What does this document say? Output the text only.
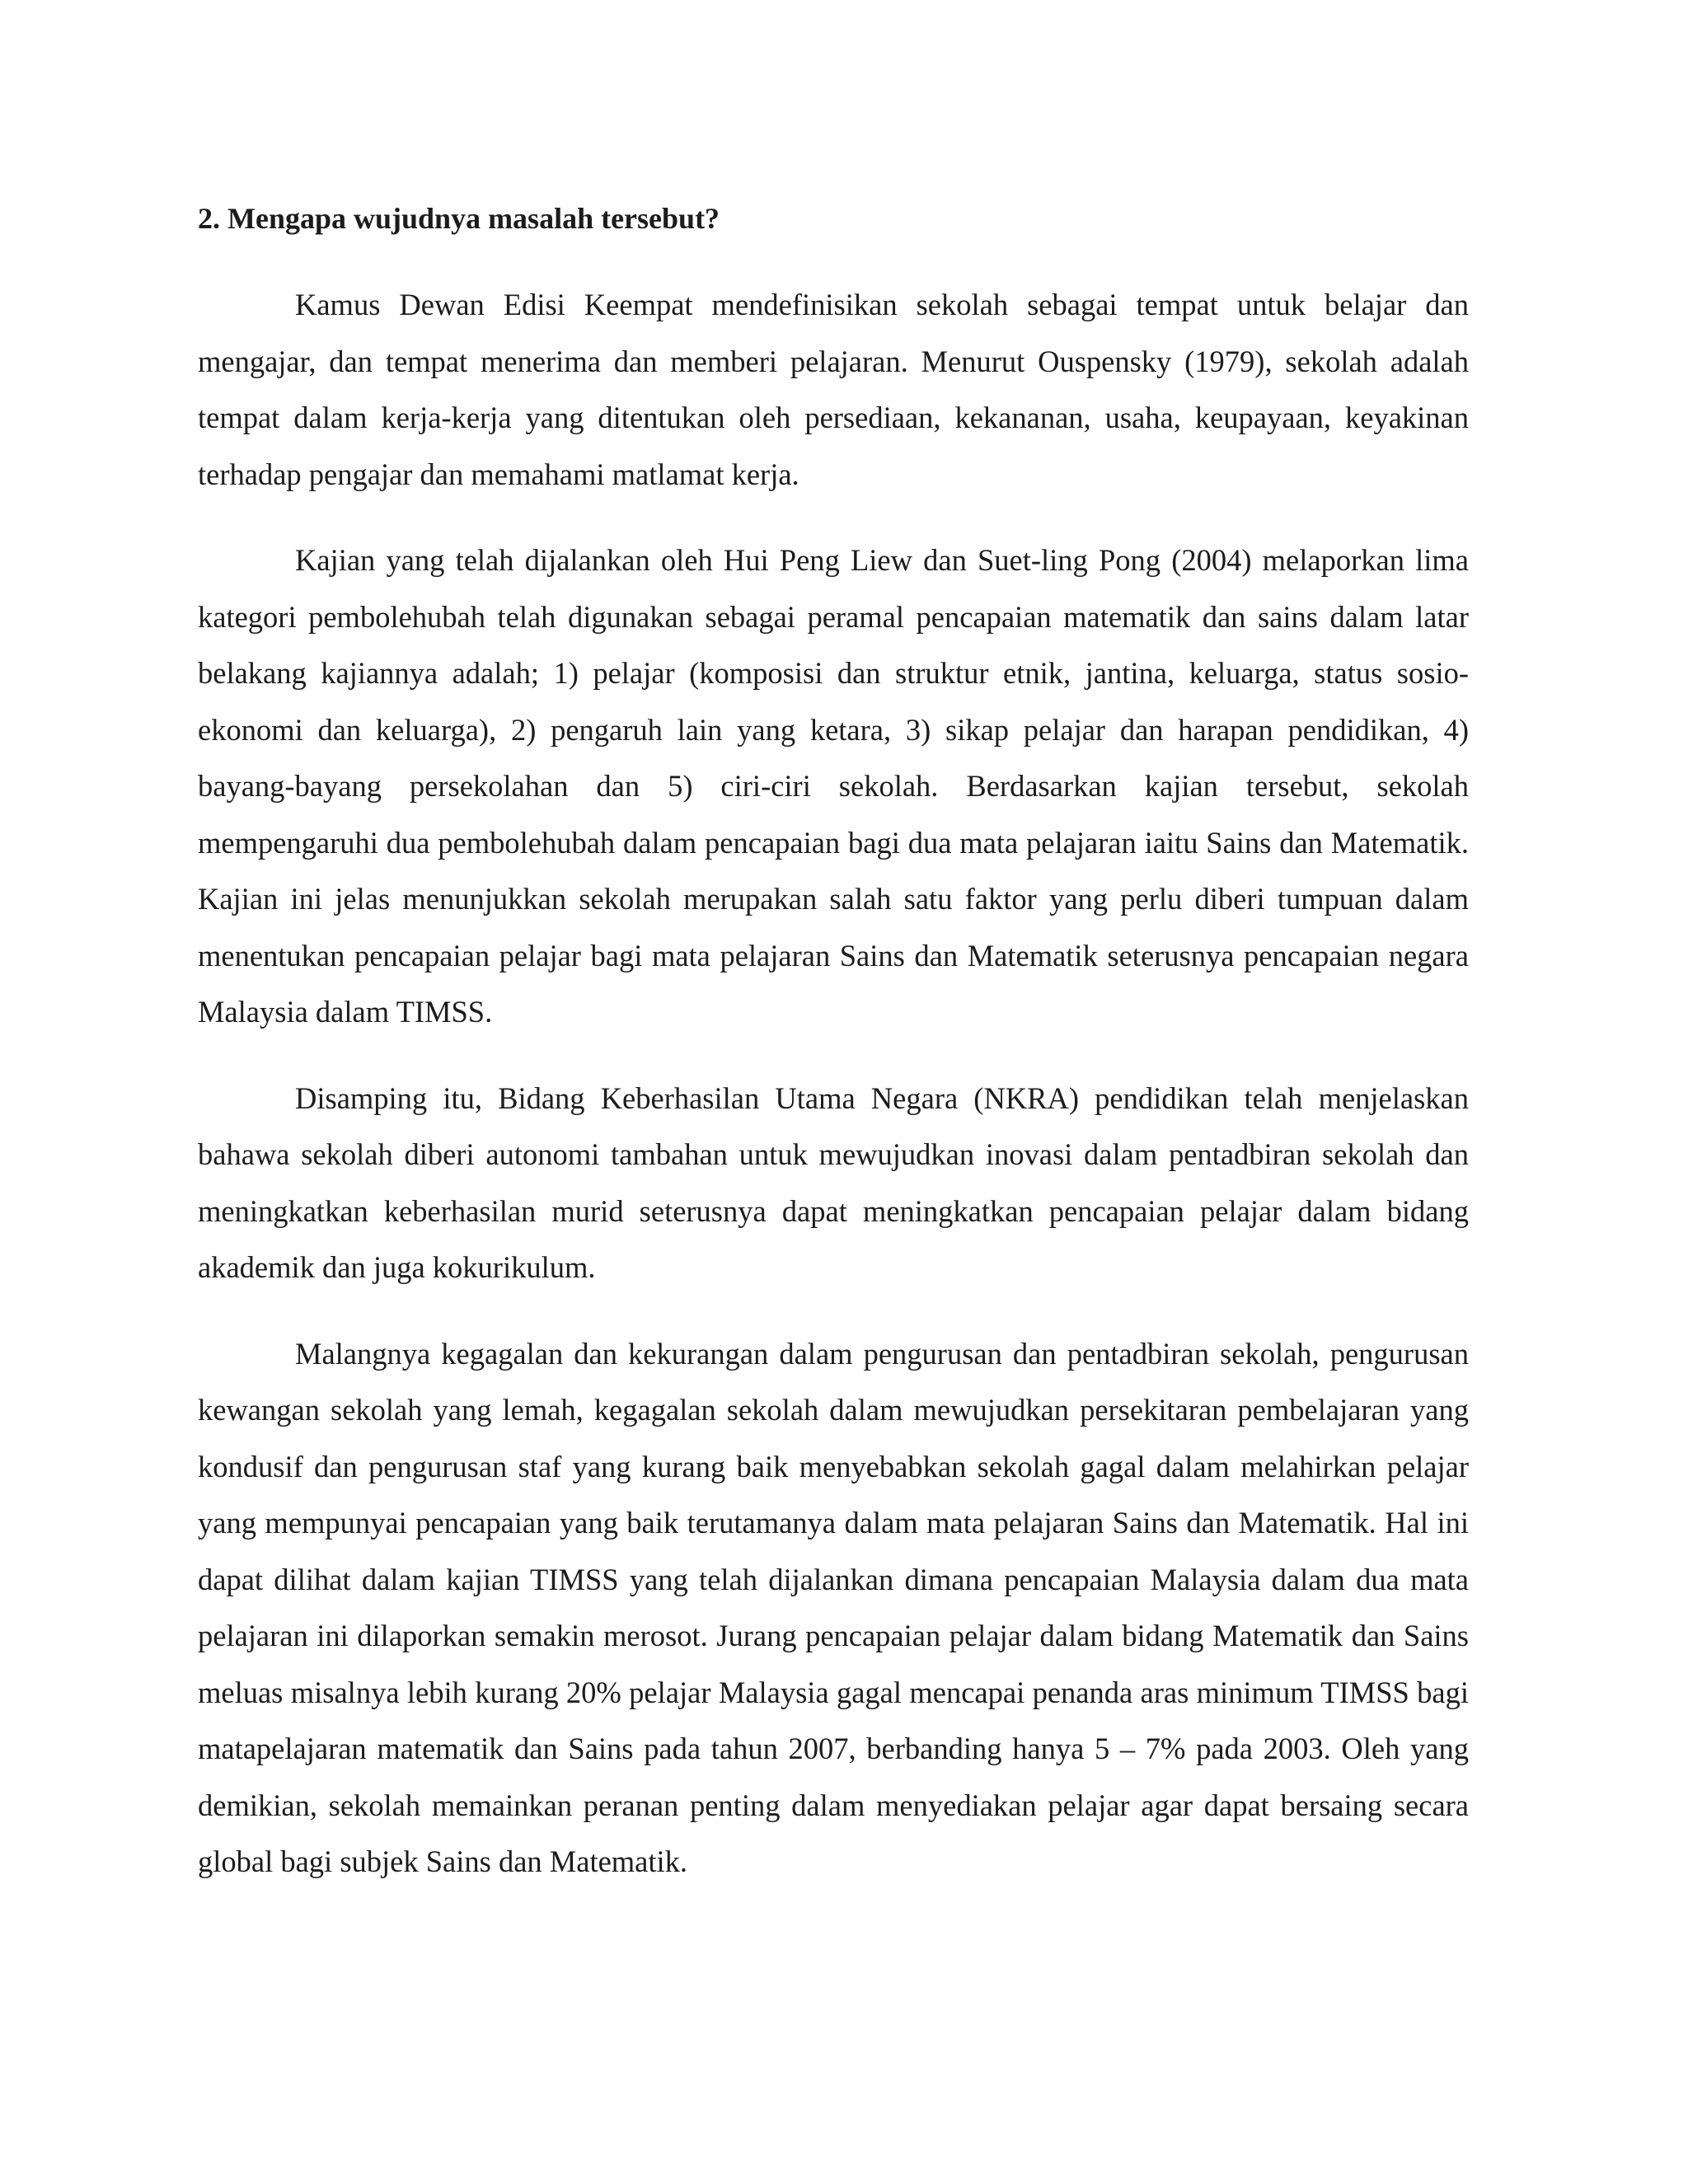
2. Mengapa wujudnya masalah tersebut?

Kamus Dewan Edisi Keempat mendefinisikan sekolah sebagai tempat untuk belajar dan mengajar, dan tempat menerima dan memberi pelajaran. Menurut Ouspensky (1979), sekolah adalah tempat dalam kerja-kerja yang ditentukan oleh persediaan, kekananan, usaha, keupayaan, keyakinan terhadap pengajar dan memahami matlamat kerja.

Kajian yang telah dijalankan oleh Hui Peng Liew dan Suet-ling Pong (2004) melaporkan lima kategori pembolehubah telah digunakan sebagai peramal pencapaian matematik dan sains dalam latar belakang kajiannya adalah; 1) pelajar (komposisi dan struktur etnik, jantina, keluarga, status sosio-ekonomi dan keluarga), 2) pengaruh lain yang ketara, 3) sikap pelajar dan harapan pendidikan, 4) bayang-bayang persekolahan dan 5) ciri-ciri sekolah. Berdasarkan kajian tersebut, sekolah mempengaruhi dua pembolehubah dalam pencapaian bagi dua mata pelajaran iaitu Sains dan Matematik. Kajian ini jelas menunjukkan sekolah merupakan salah satu faktor yang perlu diberi tumpuan dalam menentukan pencapaian pelajar bagi mata pelajaran Sains dan Matematik seterusnya pencapaian negara Malaysia dalam TIMSS.

Disamping itu, Bidang Keberhasilan Utama Negara (NKRA) pendidikan telah menjelaskan bahawa sekolah diberi autonomi tambahan untuk mewujudkan inovasi dalam pentadbiran sekolah dan meningkatkan keberhasilan murid seterusnya dapat meningkatkan pencapaian pelajar dalam bidang akademik dan juga kokurikulum.

Malangnya kegagalan dan kekurangan dalam pengurusan dan pentadbiran sekolah, pengurusan kewangan sekolah yang lemah, kegagalan sekolah dalam mewujudkan persekitaran pembelajaran yang kondusif dan pengurusan staf yang kurang baik menyebabkan sekolah gagal dalam melahirkan pelajar yang mempunyai pencapaian yang baik terutamanya dalam mata pelajaran Sains dan Matematik. Hal ini dapat dilihat dalam kajian TIMSS yang telah dijalankan dimana pencapaian Malaysia dalam dua mata pelajaran ini dilaporkan semakin merosot. Jurang pencapaian pelajar dalam bidang Matematik dan Sains meluas misalnya lebih kurang 20% pelajar Malaysia gagal mencapai penanda aras minimum TIMSS bagi matapelajaran matematik dan Sains pada tahun 2007, berbanding hanya 5 – 7% pada 2003. Oleh yang demikian, sekolah memainkan peranan penting dalam menyediakan pelajar agar dapat bersaing secara global bagi subjek Sains dan Matematik.
